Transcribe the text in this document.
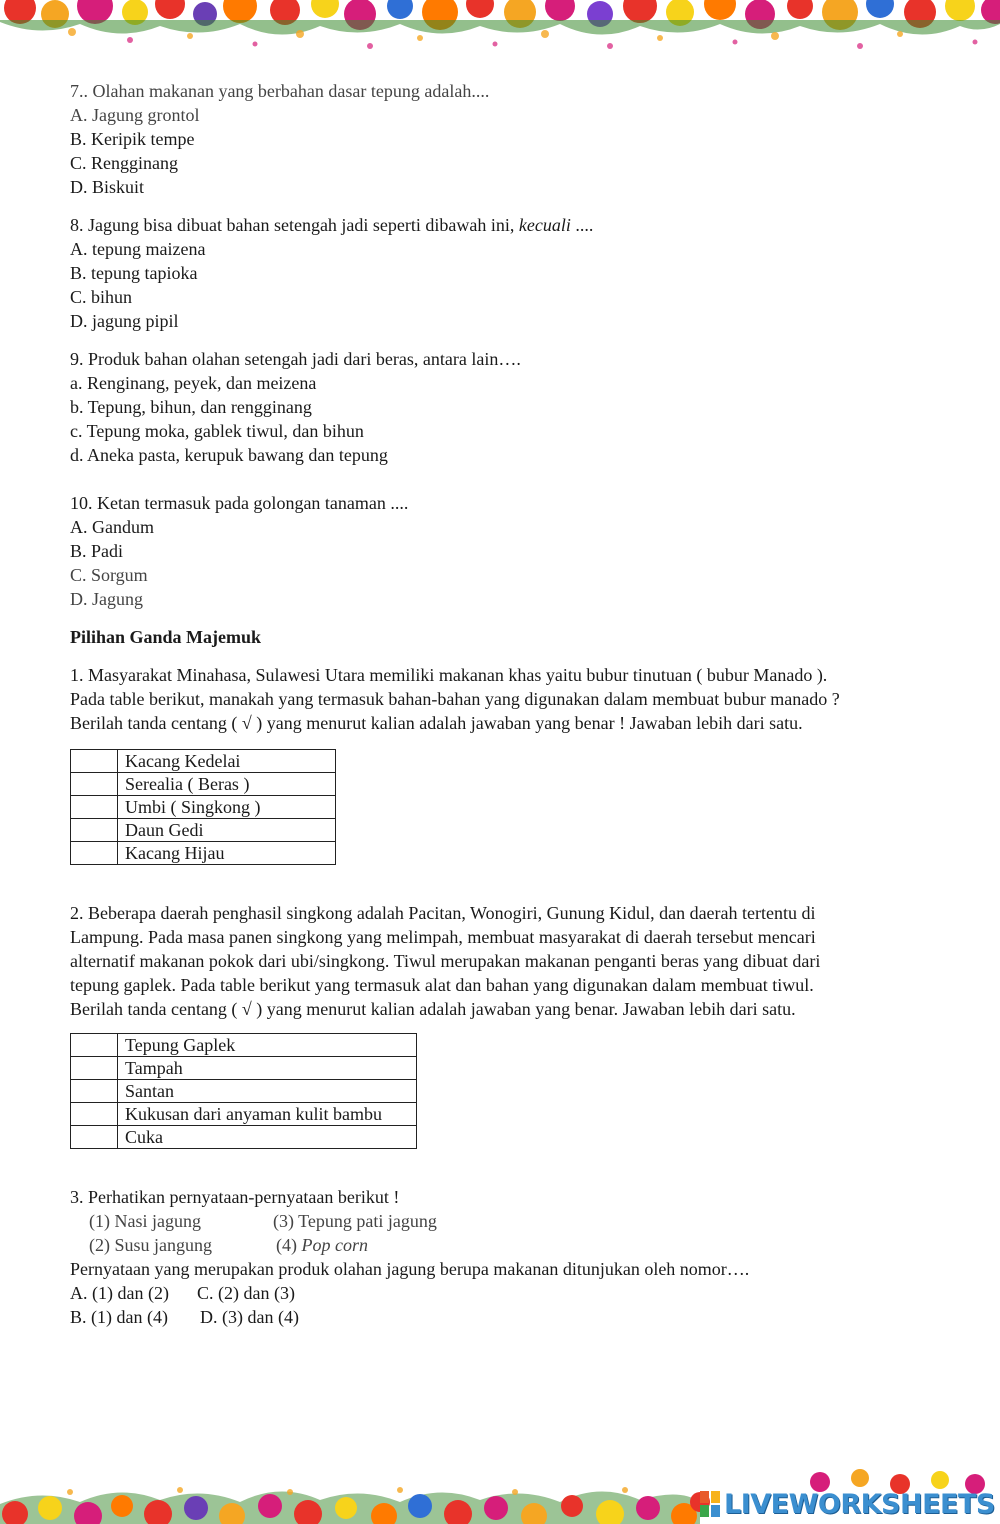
7.. Olahan makanan yang berbahan dasar tepung adalah....

A. Jagung grontol

B. Keripik tempe

C. Rengginang

D. Biskuit

8. Jagung bisa dibuat bahan setengah jadi seperti dibawah ini, kecuali ....

A. tepung maizena

B. tepung tapioka

C. bihun

D. jagung pipil

9. Produk bahan olahan setengah jadi dari beras, antara lain….

a. Renginang, peyek, dan meizena

b. Tepung, bihun, dan rengginang

c. Tepung moka, gablek tiwul, dan bihun

d. Aneka pasta, kerupuk bawang dan tepung

10. Ketan termasuk pada golongan tanaman ....

A. Gandum

B. Padi

C. Sorgum

D. Jagung

Pilihan Ganda Majemuk

1. Masyarakat Minahasa, Sulawesi Utara memiliki makanan khas yaitu bubur tinutuan ( bubur Manado ).

Pada table berikut, manakah yang termasuk bahan-bahan yang digunakan dalam membuat bubur manado ?

Berilah tanda centang ( √ ) yang menurut kalian adalah jawaban yang benar ! Jawaban lebih dari satu.

	Kacang Kedelai
	Serealia ( Beras )
	Umbi ( Singkong )
	Daun Gedi
	Kacang Hijau

2. Beberapa daerah penghasil singkong adalah Pacitan, Wonogiri, Gunung Kidul, dan daerah tertentu di

Lampung. Pada masa panen singkong yang melimpah, membuat masyarakat di daerah tersebut mencari

alternatif makanan pokok dari ubi/singkong. Tiwul merupakan makanan penganti beras yang dibuat dari

tepung gaplek. Pada table berikut yang termasuk alat dan bahan yang digunakan dalam membuat tiwul.

Berilah tanda centang ( √ ) yang menurut kalian adalah jawaban yang benar. Jawaban lebih dari satu.

	Tepung Gaplek
	Tampah
	Santan
	Kukusan dari anyaman kulit bambu
	Cuka

3. Perhatikan pernyataan-pernyataan berikut !

(1) Nasi jagung	(3) Tepung pati jagung

(2) Susu jangung	(4) Pop corn

Pernyataan yang merupakan produk olahan jagung berupa makanan ditunjukan oleh nomor….

A. (1) dan (2) C. (2) dan (3)

B. (1) dan (4) D. (3) dan (4)

LIVEWORKSHEETS
